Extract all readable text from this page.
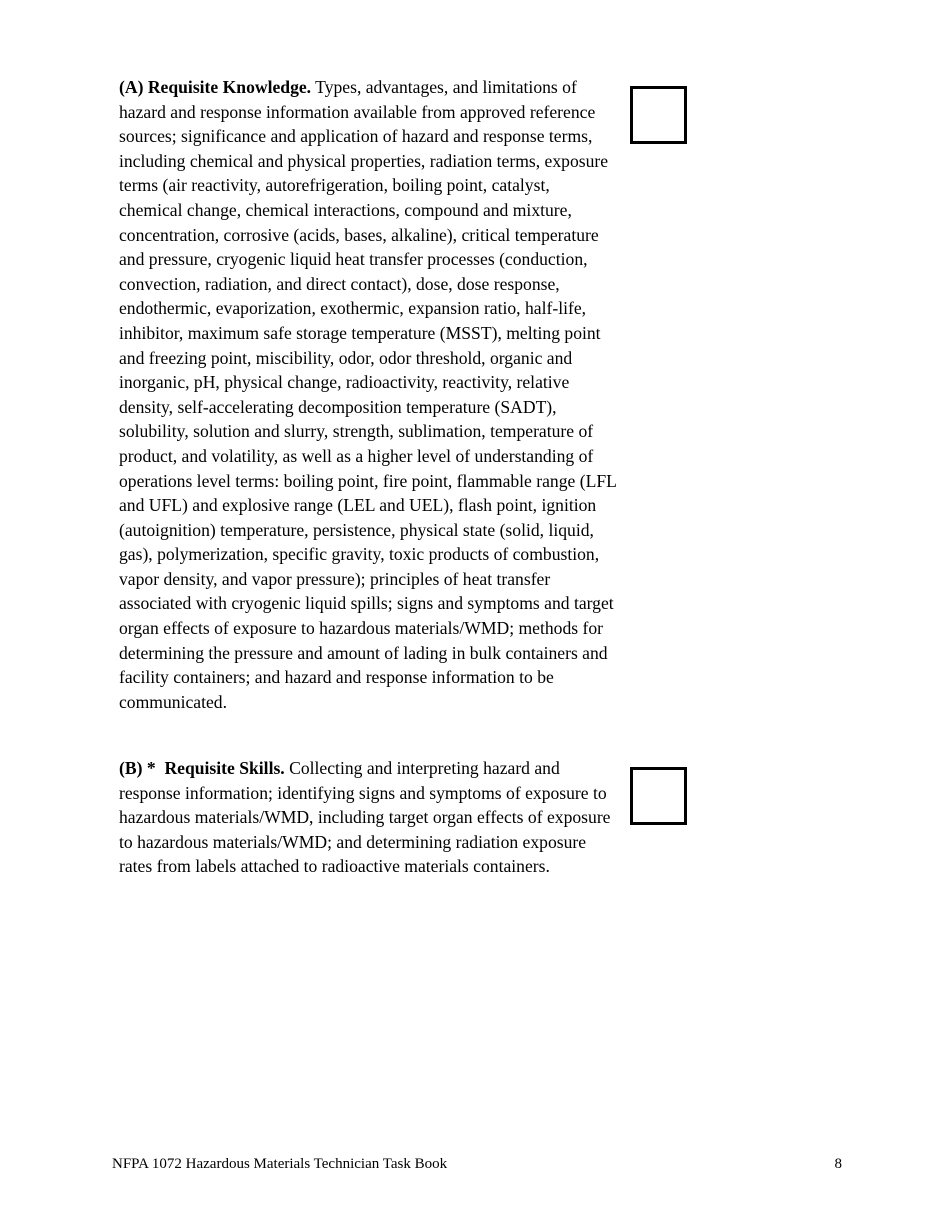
(A) Requisite Knowledge. Types, advantages, and limitations of hazard and response information available from approved reference sources; significance and application of hazard and response terms, including chemical and physical properties, radiation terms, exposure terms (air reactivity, autorefrigeration, boiling point, catalyst, chemical change, chemical interactions, compound and mixture, concentration, corrosive (acids, bases, alkaline), critical temperature and pressure, cryogenic liquid heat transfer processes (conduction, convection, radiation, and direct contact), dose, dose response, endothermic, evaporization, exothermic, expansion ratio, half-life, inhibitor, maximum safe storage temperature (MSST), melting point and freezing point, miscibility, odor, odor threshold, organic and inorganic, pH, physical change, radioactivity, reactivity, relative density, self-accelerating decomposition temperature (SADT), solubility, solution and slurry, strength, sublimation, temperature of product, and volatility, as well as a higher level of understanding of operations level terms: boiling point, fire point, flammable range (LFL and UFL) and explosive range (LEL and UEL), flash point, ignition (autoignition) temperature, persistence, physical state (solid, liquid, gas), polymerization, specific gravity, toxic products of combustion, vapor density, and vapor pressure); principles of heat transfer associated with cryogenic liquid spills; signs and symptoms and target organ effects of exposure to hazardous materials/WMD; methods for determining the pressure and amount of lading in bulk containers and facility containers; and hazard and response information to be communicated.

(B) * Requisite Skills. Collecting and interpreting hazard and response information; identifying signs and symptoms of exposure to hazardous materials/WMD, including target organ effects of exposure to hazardous materials/WMD; and determining radiation exposure rates from labels attached to radioactive materials containers.

NFPA 1072 Hazardous Materials Technician Task Book	8
